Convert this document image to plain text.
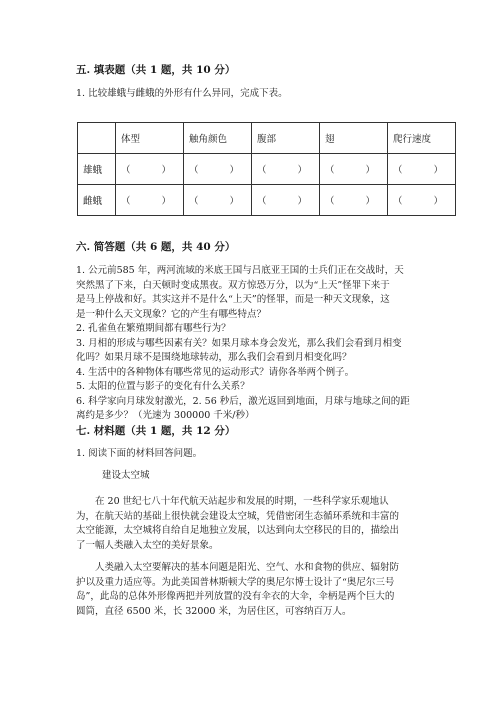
五. 填表题（共 1 题，共 10 分）
1. 比较雄蛾与雌蛾的外形有什么异同，完成下表。
	体型	触角颜色	腹部	翅	爬行速度
雄蛾	（ ）	（ ）	（ ）	（ ）	（ ）

雌蛾	（ ）	（ ）	（ ）	（ ）	（ ）
六. 简答题（共 6 题，共 40 分）
1. 公元前585 年，两河流域的米底王国与吕底亚王国的士兵们正在交战时，天
突然黑了下来，白天顿时变成黑夜。双方惊恐万分，以为“上天”怪罪下来于
是马上停战和好。其实这并不是什么“上天”的怪罪，而是一种天文现象，这
是一种什么天文现象？它的产生有哪些特点？
2. 孔雀鱼在繁殖期间都有哪些行为？
3. 月相的形成与哪些因素有关？如果月球本身会发光，那么我们会看到月相变
化吗？如果月球不是围绕地球转动，那么我们会看到月相变化吗？
4. 生活中的各种物体有哪些常见的运动形式？请你各举两个例子。
5. 太阳的位置与影子的变化有什么关系？
6. 科学家向月球发射激光，2. 56 秒后，激光返回到地面，月球与地球之间的距
离约是多少？（光速为 300000 千米/秒）
七. 材料题（共 1 题，共 12 分）
1. 阅读下面的材料回答问题。
建设太空城
在 20 世纪七八十年代航天站起步和发展的时期，一些科学家乐观地认
为，在航天站的基础上很快就会建设太空城，凭借密闭生态循环系统和丰富的
太空能源，太空城将自给自足地独立发展，以达到向太空移民的目的，描绘出
了一幅人类融入太空的美好景象。
人类融入太空要解决的基本问题是阳光、空气、水和食物的供应、辐射防
护以及重力适应等。为此美国普林斯顿大学的奥尼尔博士设计了“奥尼尔三号
岛”，此岛的总体外形像两把并列放置的没有伞衣的大伞，伞柄是两个巨大的
圆筒，直径 6500 米，长 32000 米，为居住区，可容纳百万人。
